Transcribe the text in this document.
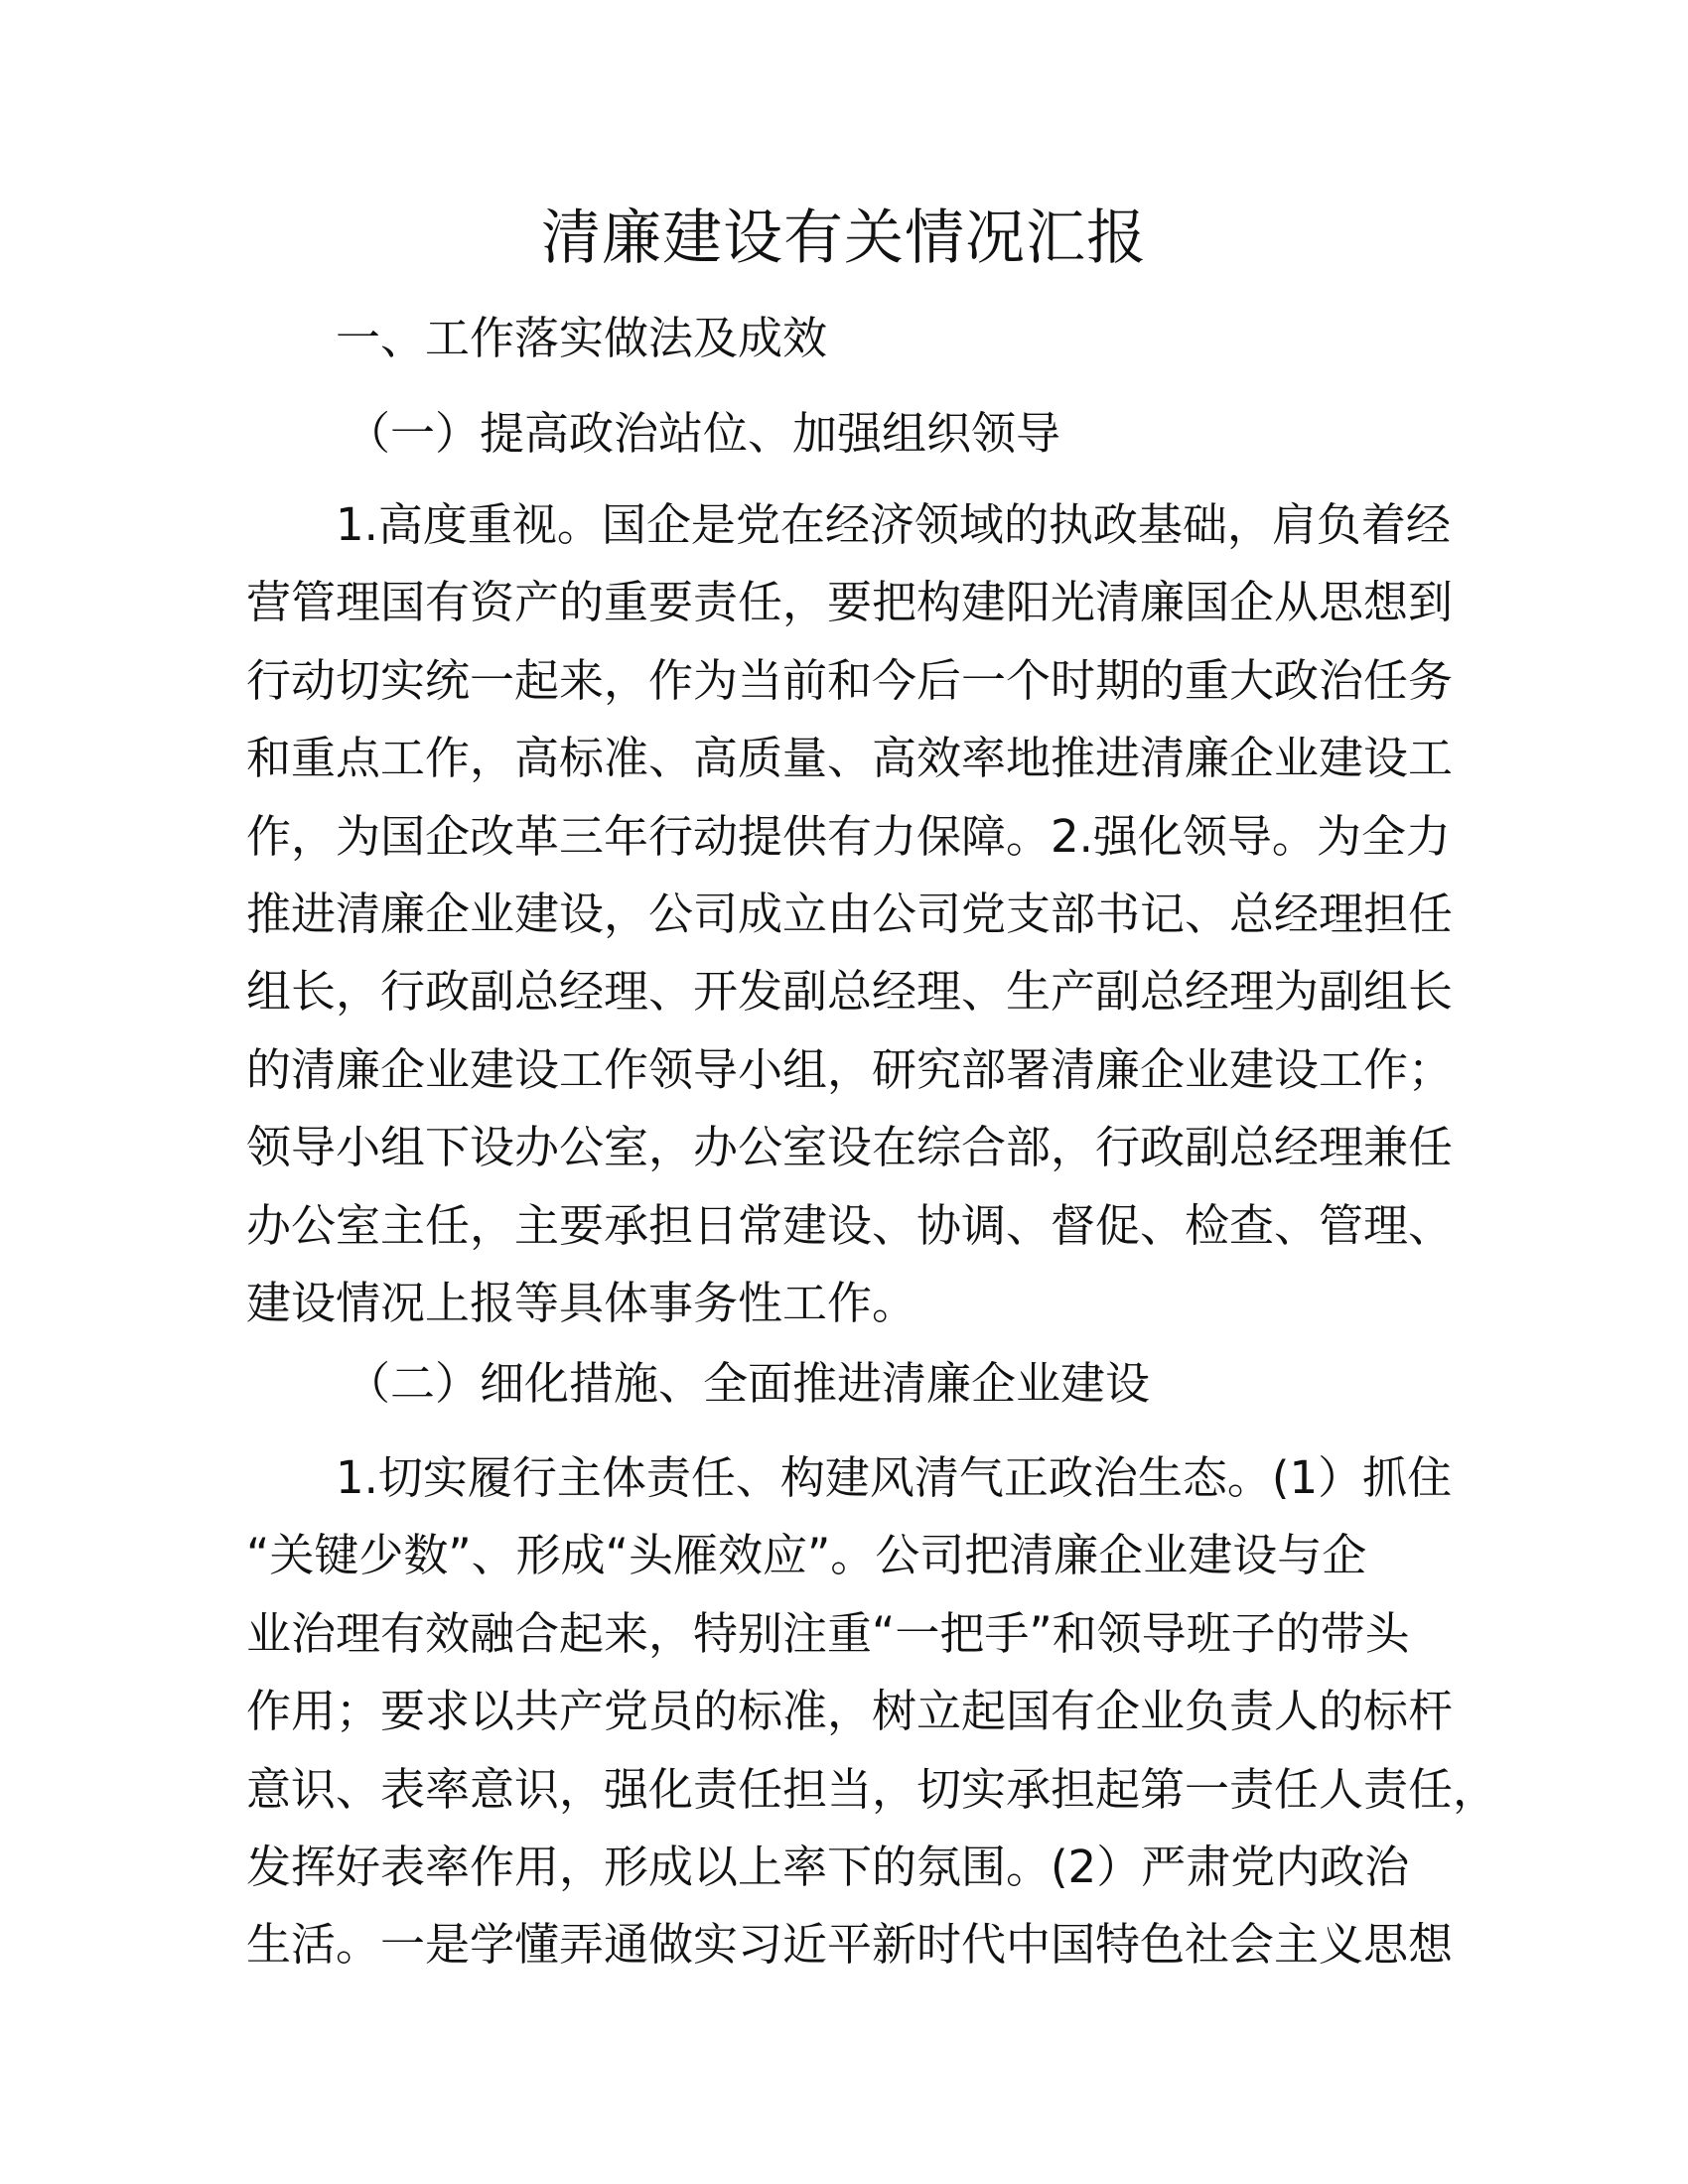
清廉建设有关情况汇报
一、工作落实做法及成效
（一）提高政治站位、加强组织领导
　　1.高度重视。国企是党在经济领域的执政基础，肩负着经
营管理国有资产的重要责任，要把构建阳光清廉国企从思想到
行动切实统一起来，作为当前和今后一个时期的重大政治任务
和重点工作，高标准、高质量、高效率地推进清廉企业建设工
作，为国企改革三年行动提供有力保障。2.强化领导。为全力
推进清廉企业建设，公司成立由公司党支部书记、总经理担任
组长，行政副总经理、开发副总经理、生产副总经理为副组长
的清廉企业建设工作领导小组，研究部署清廉企业建设工作；
领导小组下设办公室，办公室设在综合部，行政副总经理兼任
办公室主任，主要承担日常建设、协调、督促、检查、管理、
建设情况上报等具体事务性工作。
（二）细化措施、全面推进清廉企业建设
　　1.切实履行主体责任、构建风清气正政治生态。(1）抓住
“关键少数”、形成“头雁效应”。公司把清廉企业建设与企
业治理有效融合起来，特别注重“一把手”和领导班子的带头
作用；要求以共产党员的标准，树立起国有企业负责人的标杆
意识、表率意识，强化责任担当，切实承担起第一责任人责任，
发挥好表率作用，形成以上率下的氛围。(2）严肃党内政治
生活。一是学懂弄通做实习近平新时代中国特色社会主义思想
